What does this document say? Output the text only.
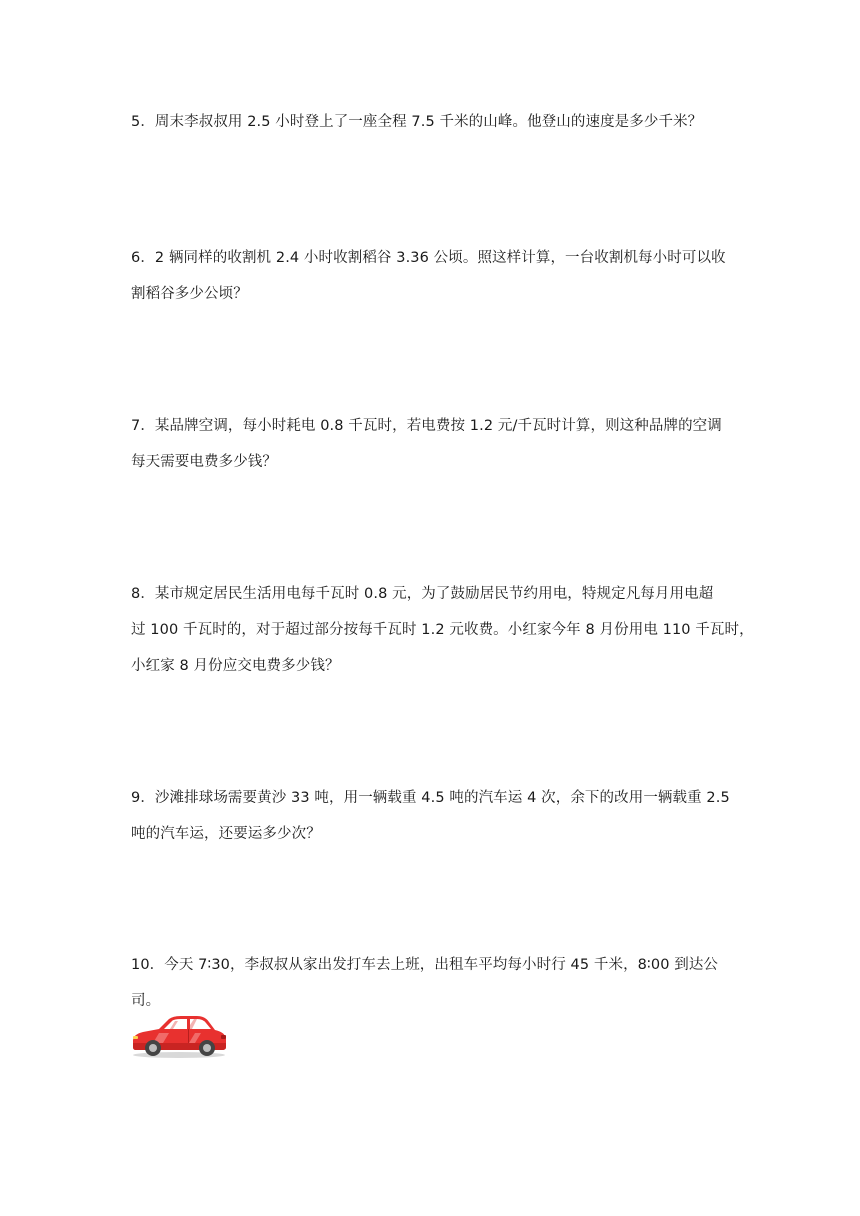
5．周末李叔叔用 2.5 小时登上了一座全程 7.5 千米的山峰。他登山的速度是多少千米？
6．2 辆同样的收割机 2.4 小时收割稻谷 3.36 公顷。照这样计算，一台收割机每小时可以收
割稻谷多少公顷？
7．某品牌空调，每小时耗电 0.8 千瓦时，若电费按 1.2 元/千瓦时计算，则这种品牌的空调
每天需要电费多少钱？
8．某市规定居民生活用电每千瓦时 0.8 元，为了鼓励居民节约用电，特规定凡每月用电超
过 100 千瓦时的，对于超过部分按每千瓦时 1.2 元收费。小红家今年 8 月份用电 110 千瓦时，
小红家 8 月份应交电费多少钱？
9．沙滩排球场需要黄沙 33 吨，用一辆载重 4.5 吨的汽车运 4 次，余下的改用一辆载重 2.5
吨的汽车运，还要运多少次？
10．今天 7∶30，李叔叔从家出发打车去上班，出租车平均每小时行 45 千米，8∶00 到达公
司。
